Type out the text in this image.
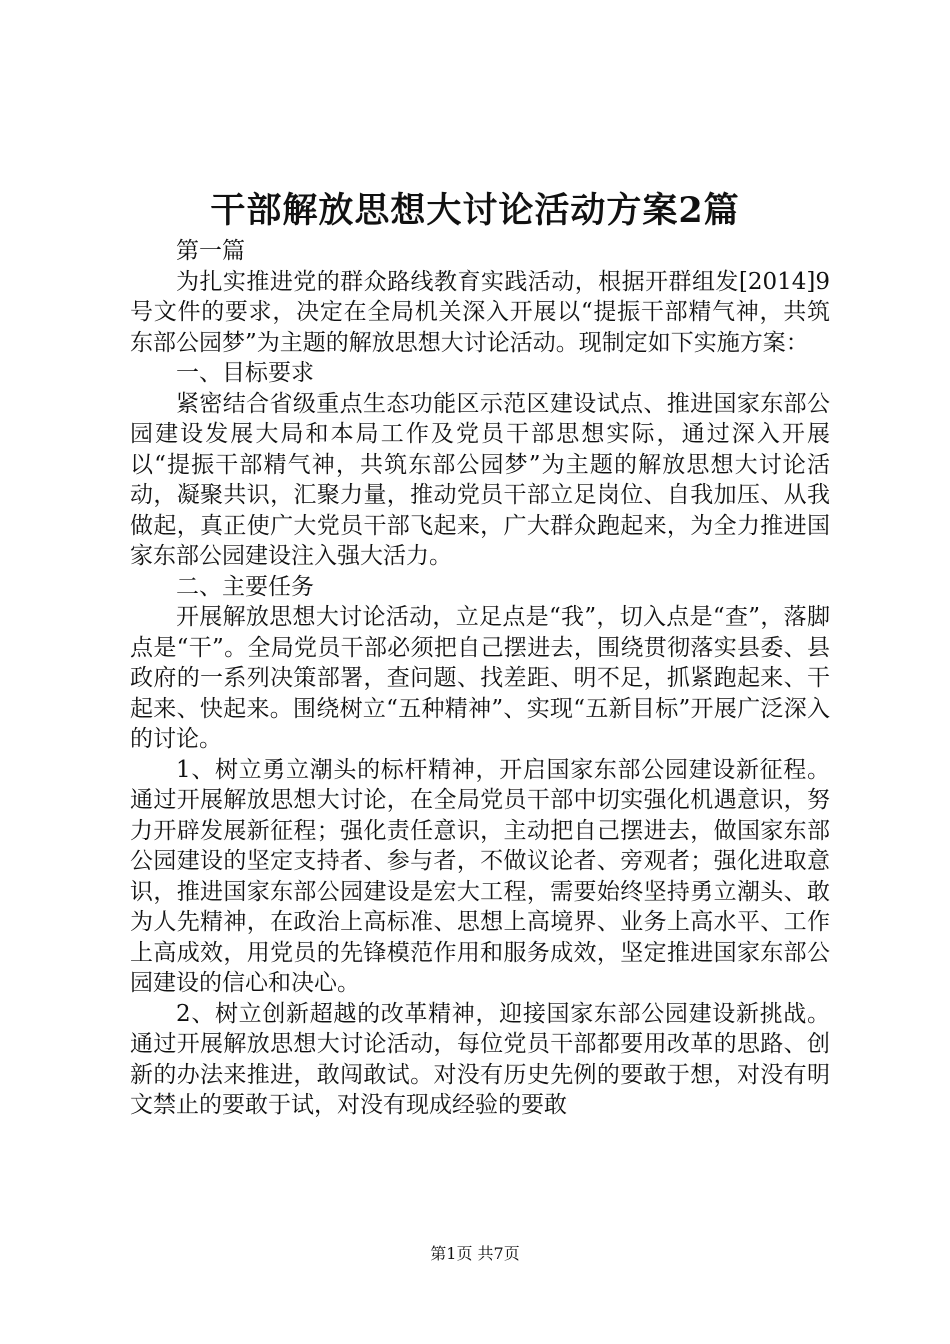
干部解放思想大讨论活动方案2篇

第一篇

为扎实推进党的群众路线教育实践活动，根据开群组发[2014]9号文件的要求，决定在全局机关深入开展以“提振干部精气神，共筑东部公园梦”为主题的解放思想大讨论活动。现制定如下实施方案：

一、目标要求

紧密结合省级重点生态功能区示范区建设试点、推进国家东部公园建设发展大局和本局工作及党员干部思想实际，通过深入开展以“提振干部精气神，共筑东部公园梦”为主题的解放思想大讨论活动，凝聚共识，汇聚力量，推动党员干部立足岗位、自我加压、从我做起，真正使广大党员干部飞起来，广大群众跑起来，为全力推进国家东部公园建设注入强大活力。

二、主要任务

开展解放思想大讨论活动，立足点是“我”，切入点是“查”，落脚点是“干”。全局党员干部必须把自己摆进去，围绕贯彻落实县委、县政府的一系列决策部署，查问题、找差距、明不足，抓紧跑起来、干起来、快起来。围绕树立“五种精神”、实现“五新目标”开展广泛深入的讨论。

1、树立勇立潮头的标杆精神，开启国家东部公园建设新征程。通过开展解放思想大讨论，在全局党员干部中切实强化机遇意识，努力开辟发展新征程；强化责任意识，主动把自己摆进去，做国家东部公园建设的坚定支持者、参与者，不做议论者、旁观者；强化进取意识，推进国家东部公园建设是宏大工程，需要始终坚持勇立潮头、敢为人先精神，在政治上高标准、思想上高境界、业务上高水平、工作上高成效，用党员的先锋模范作用和服务成效，坚定推进国家东部公园建设的信心和决心。

2、树立创新超越的改革精神，迎接国家东部公园建设新挑战。通过开展解放思想大讨论活动，每位党员干部都要用改革的思路、创新的办法来推进，敢闯敢试。对没有历史先例的要敢于想，对没有明文禁止的要敢于试，对没有现成经验的要敢

第1页 共7页
